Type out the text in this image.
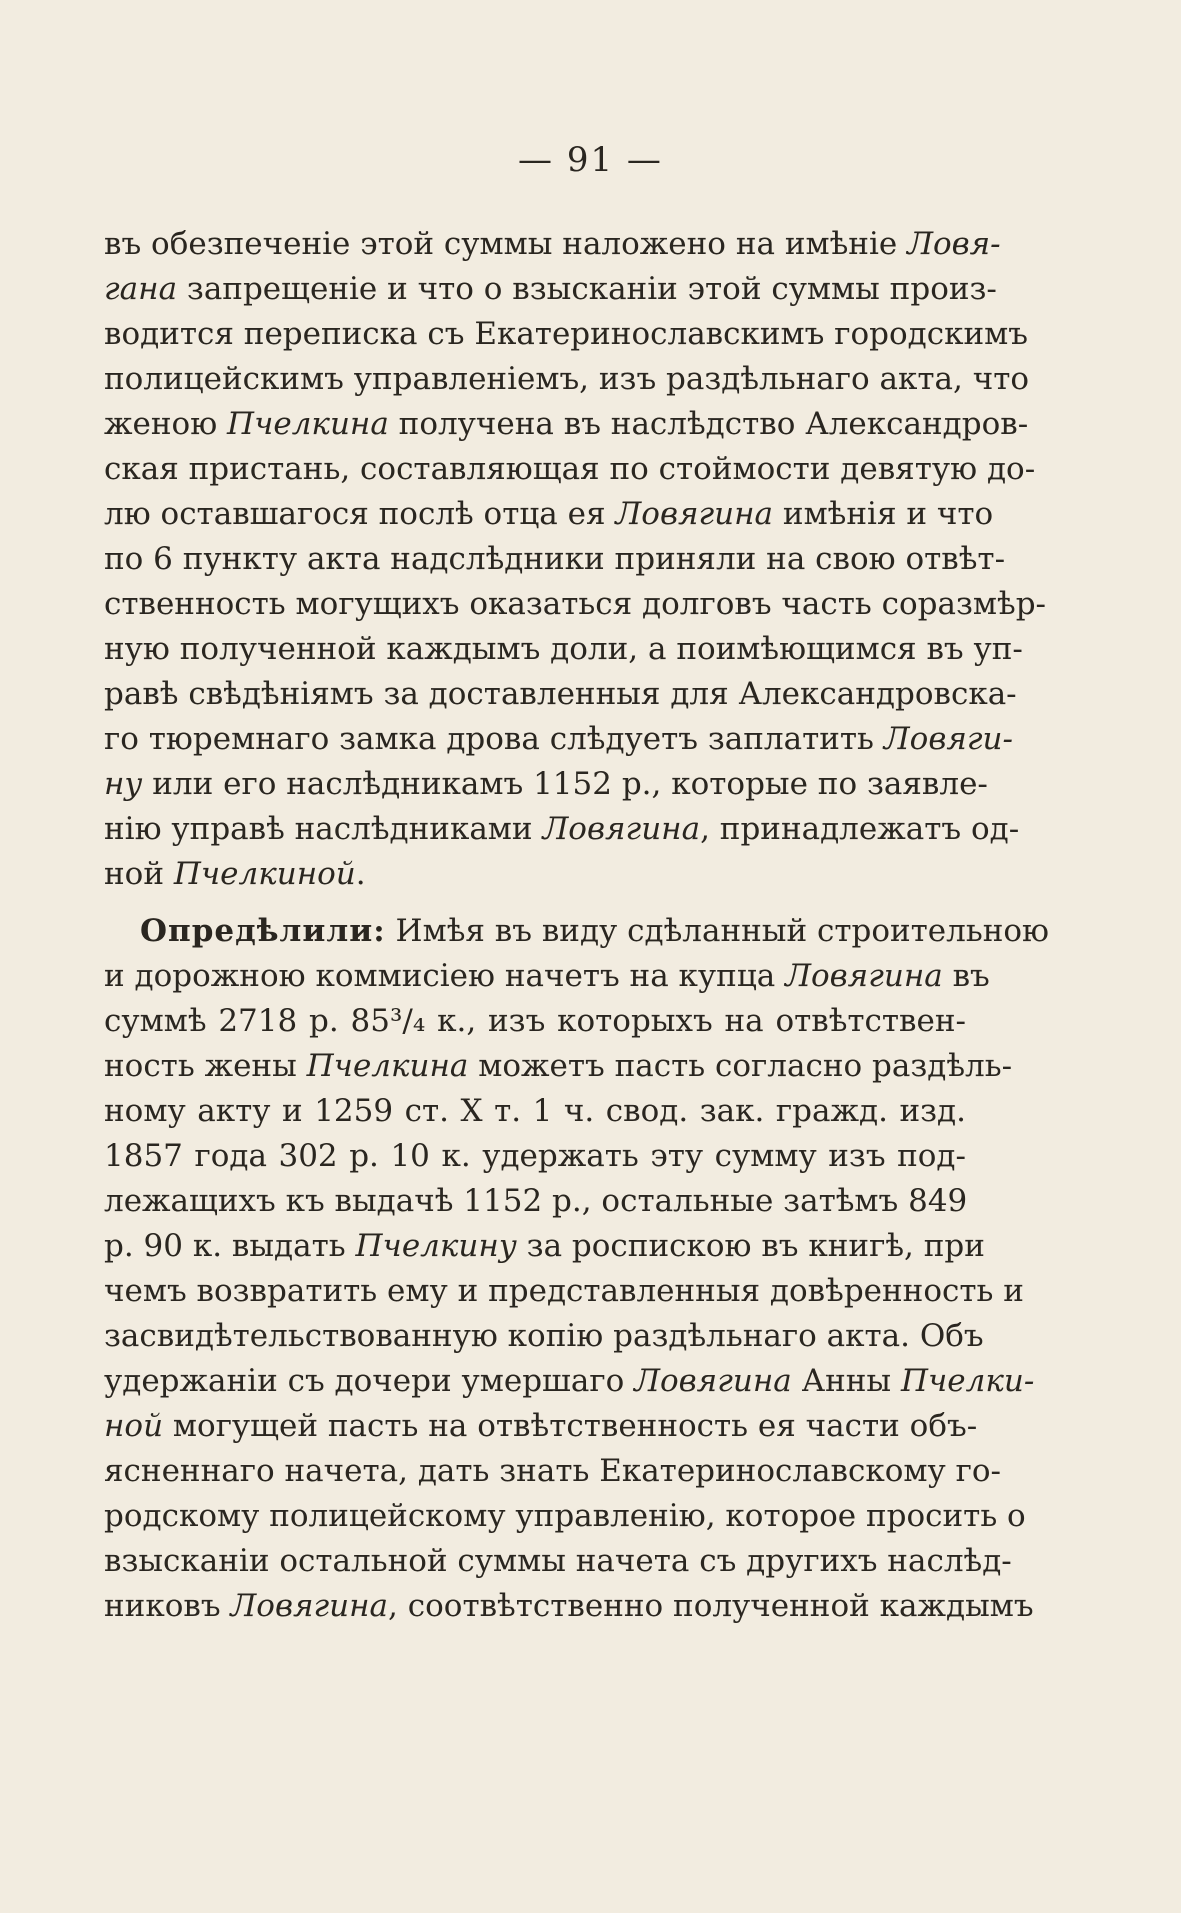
— 91 —
въ обезпеченіе этой суммы наложено на имѣніе Ловя-
гана запрещеніе и что о взысканіи этой суммы произ-
водится переписка съ Екатеринославскимъ городскимъ
полицейскимъ управленіемъ, изъ раздѣльнаго акта, что
женою Пчелкина получена въ наслѣдство Александров-
ская пристань, составляющая по стоймости девятую до-
лю оставшагося послѣ отца ея Ловягина имѣнія и что
по 6 пункту акта надслѣдники приняли на свою отвѣт-
ственность могущихъ оказаться долговъ часть соразмѣр-
ную полученной каждымъ доли, а поимѣющимся въ уп-
равѣ свѣдѣніямъ за доставленныя для Александровска-
го тюремнаго замка дрова слѣдуетъ заплатить Ловяги-
ну или его наслѣдникамъ 1152 р., которые по заявле-
нію управѣ наслѣдниками Ловягина, принадлежатъ од-
ной Пчелкиной.
Опредѣлили: Имѣя въ виду сдѣланный строительною
и дорожною коммисіею начетъ на купца Ловягина въ
суммѣ 2718 р. 85³/₄ к., изъ которыхъ на отвѣтствен-
ность жены Пчелкина можетъ пасть согласно раздѣль-
ному акту и 1259 ст. X т. 1 ч. свод. зак. гражд. изд.
1857 года 302 р. 10 к. удержать эту сумму изъ под-
лежащихъ къ выдачѣ 1152 р., остальные затѣмъ 849
р. 90 к. выдать Пчелкину за роспискою въ книгѣ, при
чемъ возвратить ему и представленныя довѣренность и
засвидѣтельствованную копію раздѣльнаго акта. Объ
удержаніи съ дочери умершаго Ловягина Анны Пчелки-
ной могущей пасть на отвѣтственность ея части объ-
ясненнаго начета, дать знать Екатеринославскому го-
родскому полицейскому управленію, которое просить о
взысканіи остальной суммы начета съ другихъ наслѣд-
никовъ Ловягина, соотвѣтственно полученной каждымъ
